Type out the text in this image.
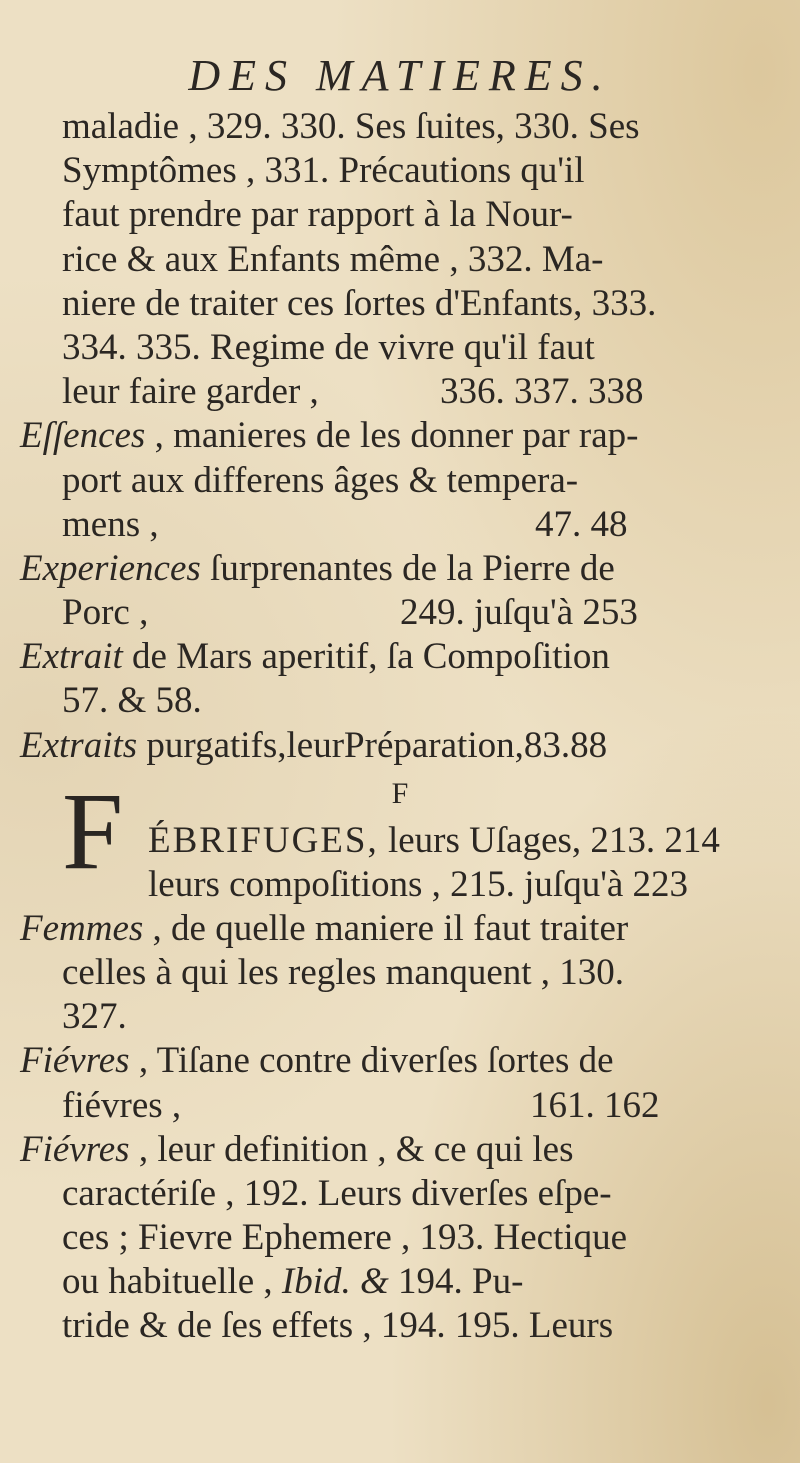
DES MATIERES.
maladie , 329. 330. Ses ſuites, 330. Ses
Symptômes , 331. Précautions qu'il
faut prendre par rapport à la Nour-
rice & aux Enfants même , 332. Ma-
niere de traiter ces ſortes d'Enfants, 333.
334. 335. Regime de vivre qu'il faut
leur faire garder ,	336. 337. 338
Eſſences , manieres de les donner par rap-
port aux differens âges & tempera-
mens ,	47. 48
Experiences ſurprenantes de la Pierre de
Porc ,	249. juſqu'à 253
Extrait de Mars aperitif, ſa Compoſition
57. & 58.
Extraits purgatifs,leurPréparation,83.88
F
F ÉBRIFUGES, leurs Uſages, 213. 214
leurs compoſitions , 215. juſqu'à 223
Femmes , de quelle maniere il faut traiter
celles à qui les regles manquent , 130.
327.
Fiévres , Tiſane contre diverſes ſortes de
fiévres ,	161. 162
Fiévres , leur definition , & ce qui les
caractériſe , 192. Leurs diverſes eſpe-
ces ; Fievre Ephemere , 193. Hectique
ou habituelle , Ibid. & 194. Pu-
tride & de ſes effets , 194. 195. Leurs
